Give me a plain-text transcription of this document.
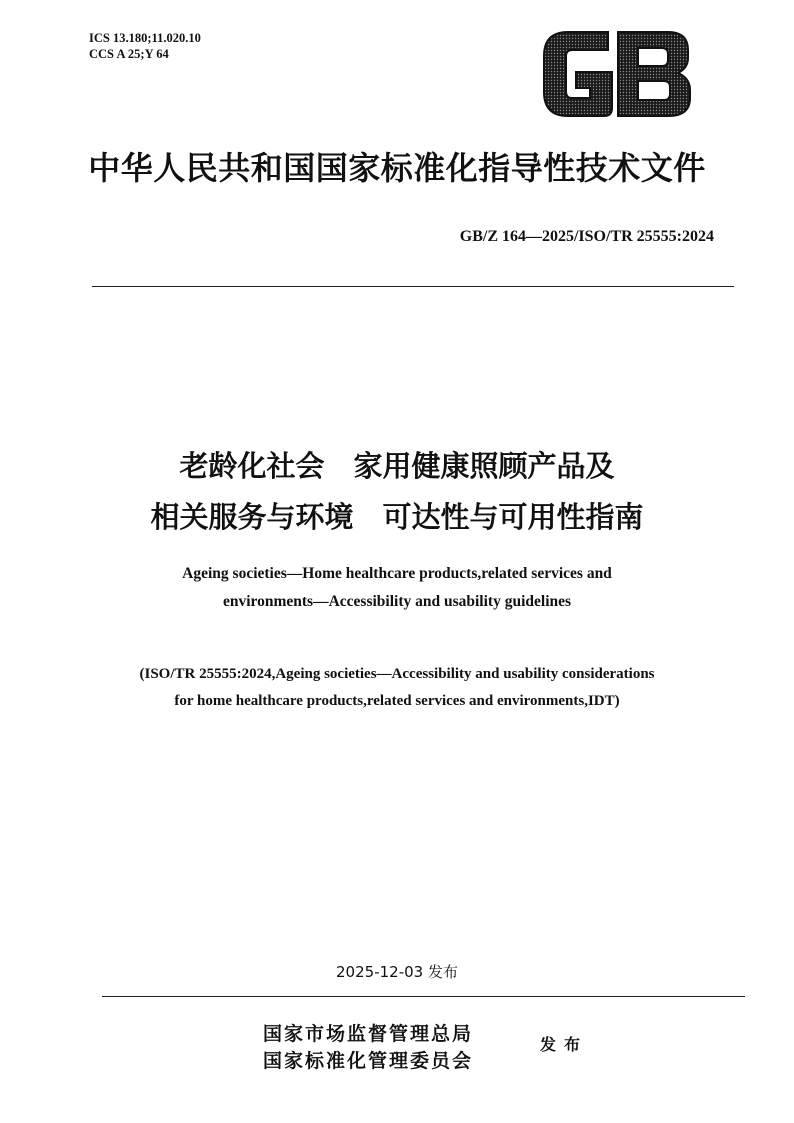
ICS 13.180;11.020.10
CCS A 25;Y 64
中华人民共和国国家标准化指导性技术文件
GB/Z 164—2025/ISO/TR 25555:2024
老龄化社会　家用健康照顾产品及
相关服务与环境　可达性与可用性指南
Ageing societies—Home healthcare products,related services and
environments—Accessibility and usability guidelines
(ISO/TR 25555:2024,Ageing societies—Accessibility and usability considerations
for home healthcare products,related services and environments,IDT)
2025-12-03 发布
国家市场监督管理总局
国家标准化管理委员会
发布
